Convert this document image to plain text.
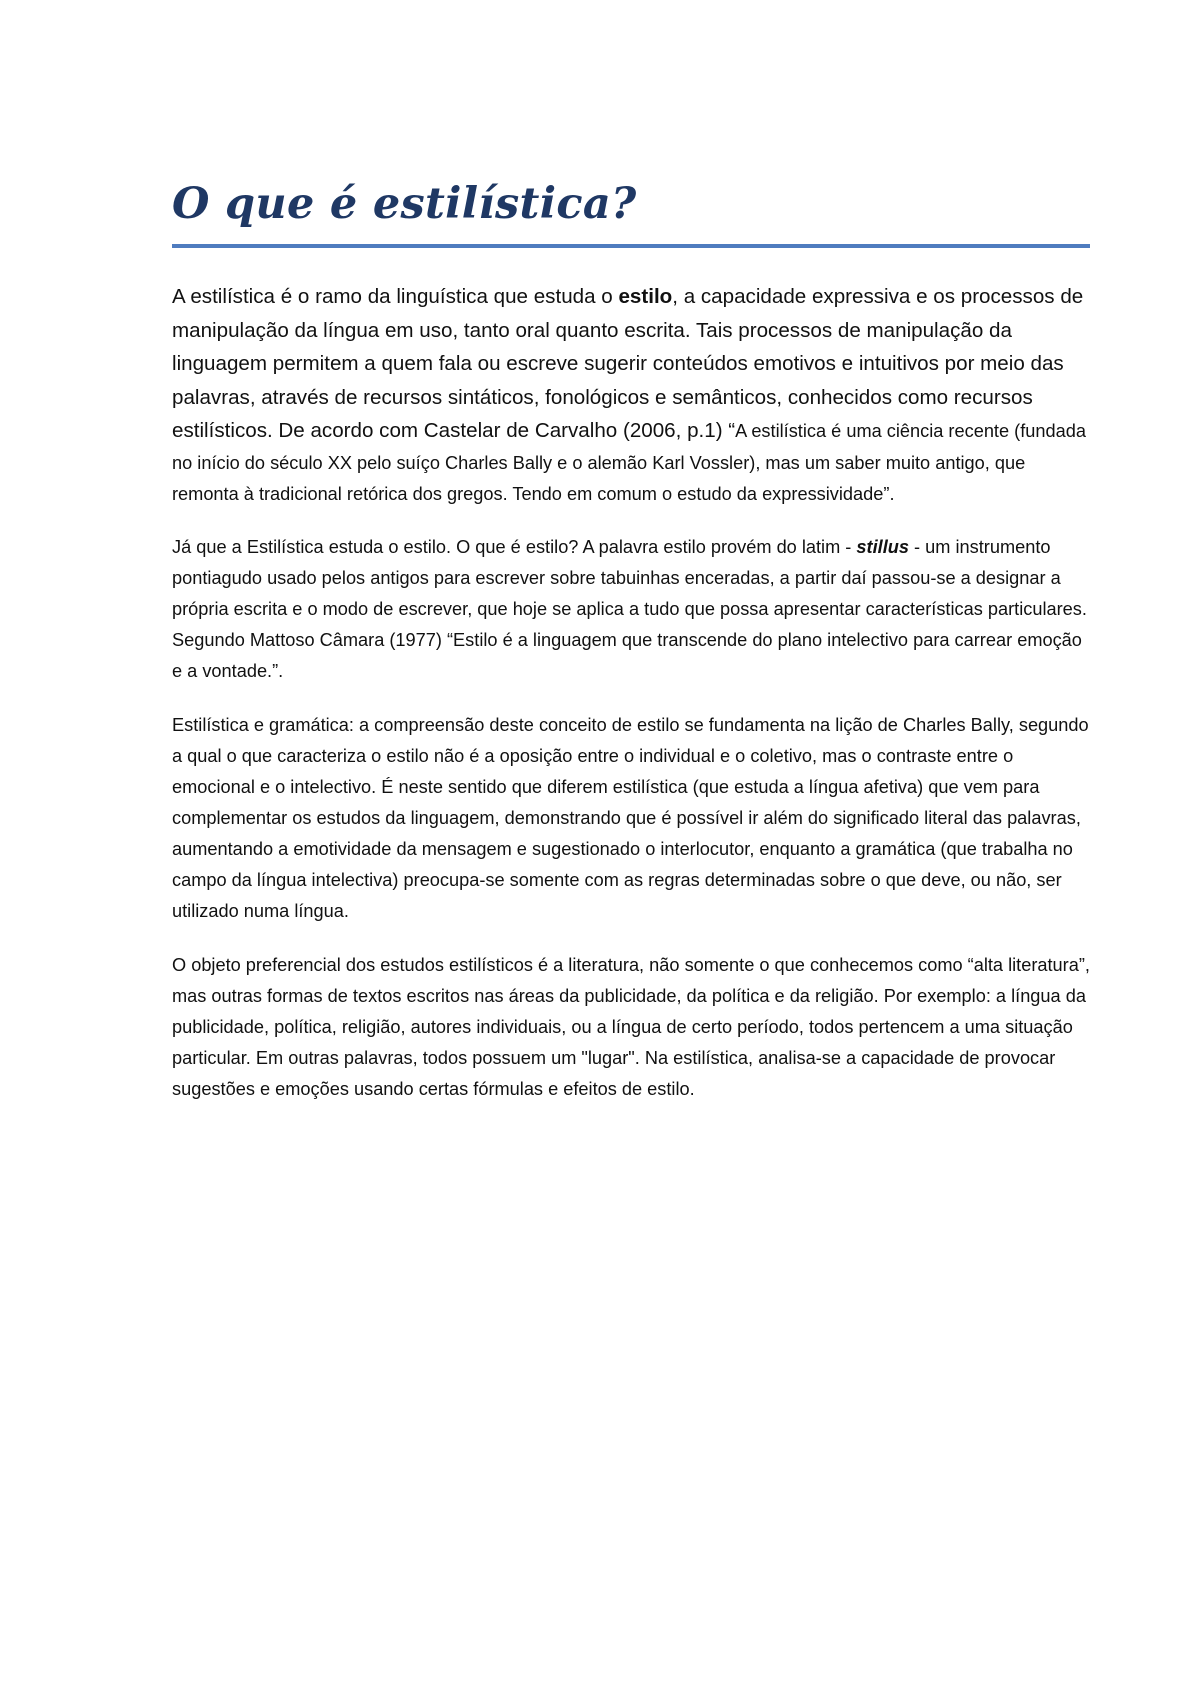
O que é estilística?

A estilística é o ramo da linguística que estuda o estilo, a capacidade expressiva e os processos de manipulação da língua em uso, tanto oral quanto escrita. Tais processos de manipulação da linguagem permitem a quem fala ou escreve sugerir conteúdos emotivos e intuitivos por meio das palavras, através de recursos sintáticos, fonológicos e semânticos, conhecidos como recursos estilísticos. De acordo com Castelar de Carvalho (2006, p.1) “A estilística é uma ciência recente (fundada no início do século XX pelo suíço Charles Bally e o alemão Karl Vossler), mas um saber muito antigo, que remonta à tradicional retórica dos gregos. Tendo em comum o estudo da expressividade”.

Já que a Estilística estuda o estilo. O que é estilo? A palavra estilo provém do latim - stillus - um instrumento pontiagudo usado pelos antigos para escrever sobre tabuinhas enceradas, a partir daí passou-se a designar a própria escrita e o modo de escrever, que hoje se aplica a tudo que possa apresentar características particulares. Segundo Mattoso Câmara (1977) “Estilo é a linguagem que transcende do plano intelectivo para carrear emoção e a vontade.”.

Estilística e gramática: a compreensão deste conceito de estilo se fundamenta na lição de Charles Bally, segundo a qual o que caracteriza o estilo não é a oposição entre o individual e o coletivo, mas o contraste entre o emocional e o intelectivo. É neste sentido que diferem estilística (que estuda a língua afetiva) que vem para complementar os estudos da linguagem, demonstrando que é possível ir além do significado literal das palavras, aumentando a emotividade da mensagem e sugestionado o interlocutor, enquanto a gramática (que trabalha no campo da língua intelectiva) preocupa-se somente com as regras determinadas sobre o que deve, ou não, ser utilizado numa língua.

O objeto preferencial dos estudos estilísticos é a literatura, não somente o que conhecemos como “alta literatura”, mas outras formas de textos escritos nas áreas da publicidade, da política e da religião. Por exemplo: a língua da publicidade, política, religião, autores individuais, ou a língua de certo período, todos pertencem a uma situação particular. Em outras palavras, todos possuem um "lugar". Na estilística, analisa-se a capacidade de provocar sugestões e emoções usando certas fórmulas e efeitos de estilo.
